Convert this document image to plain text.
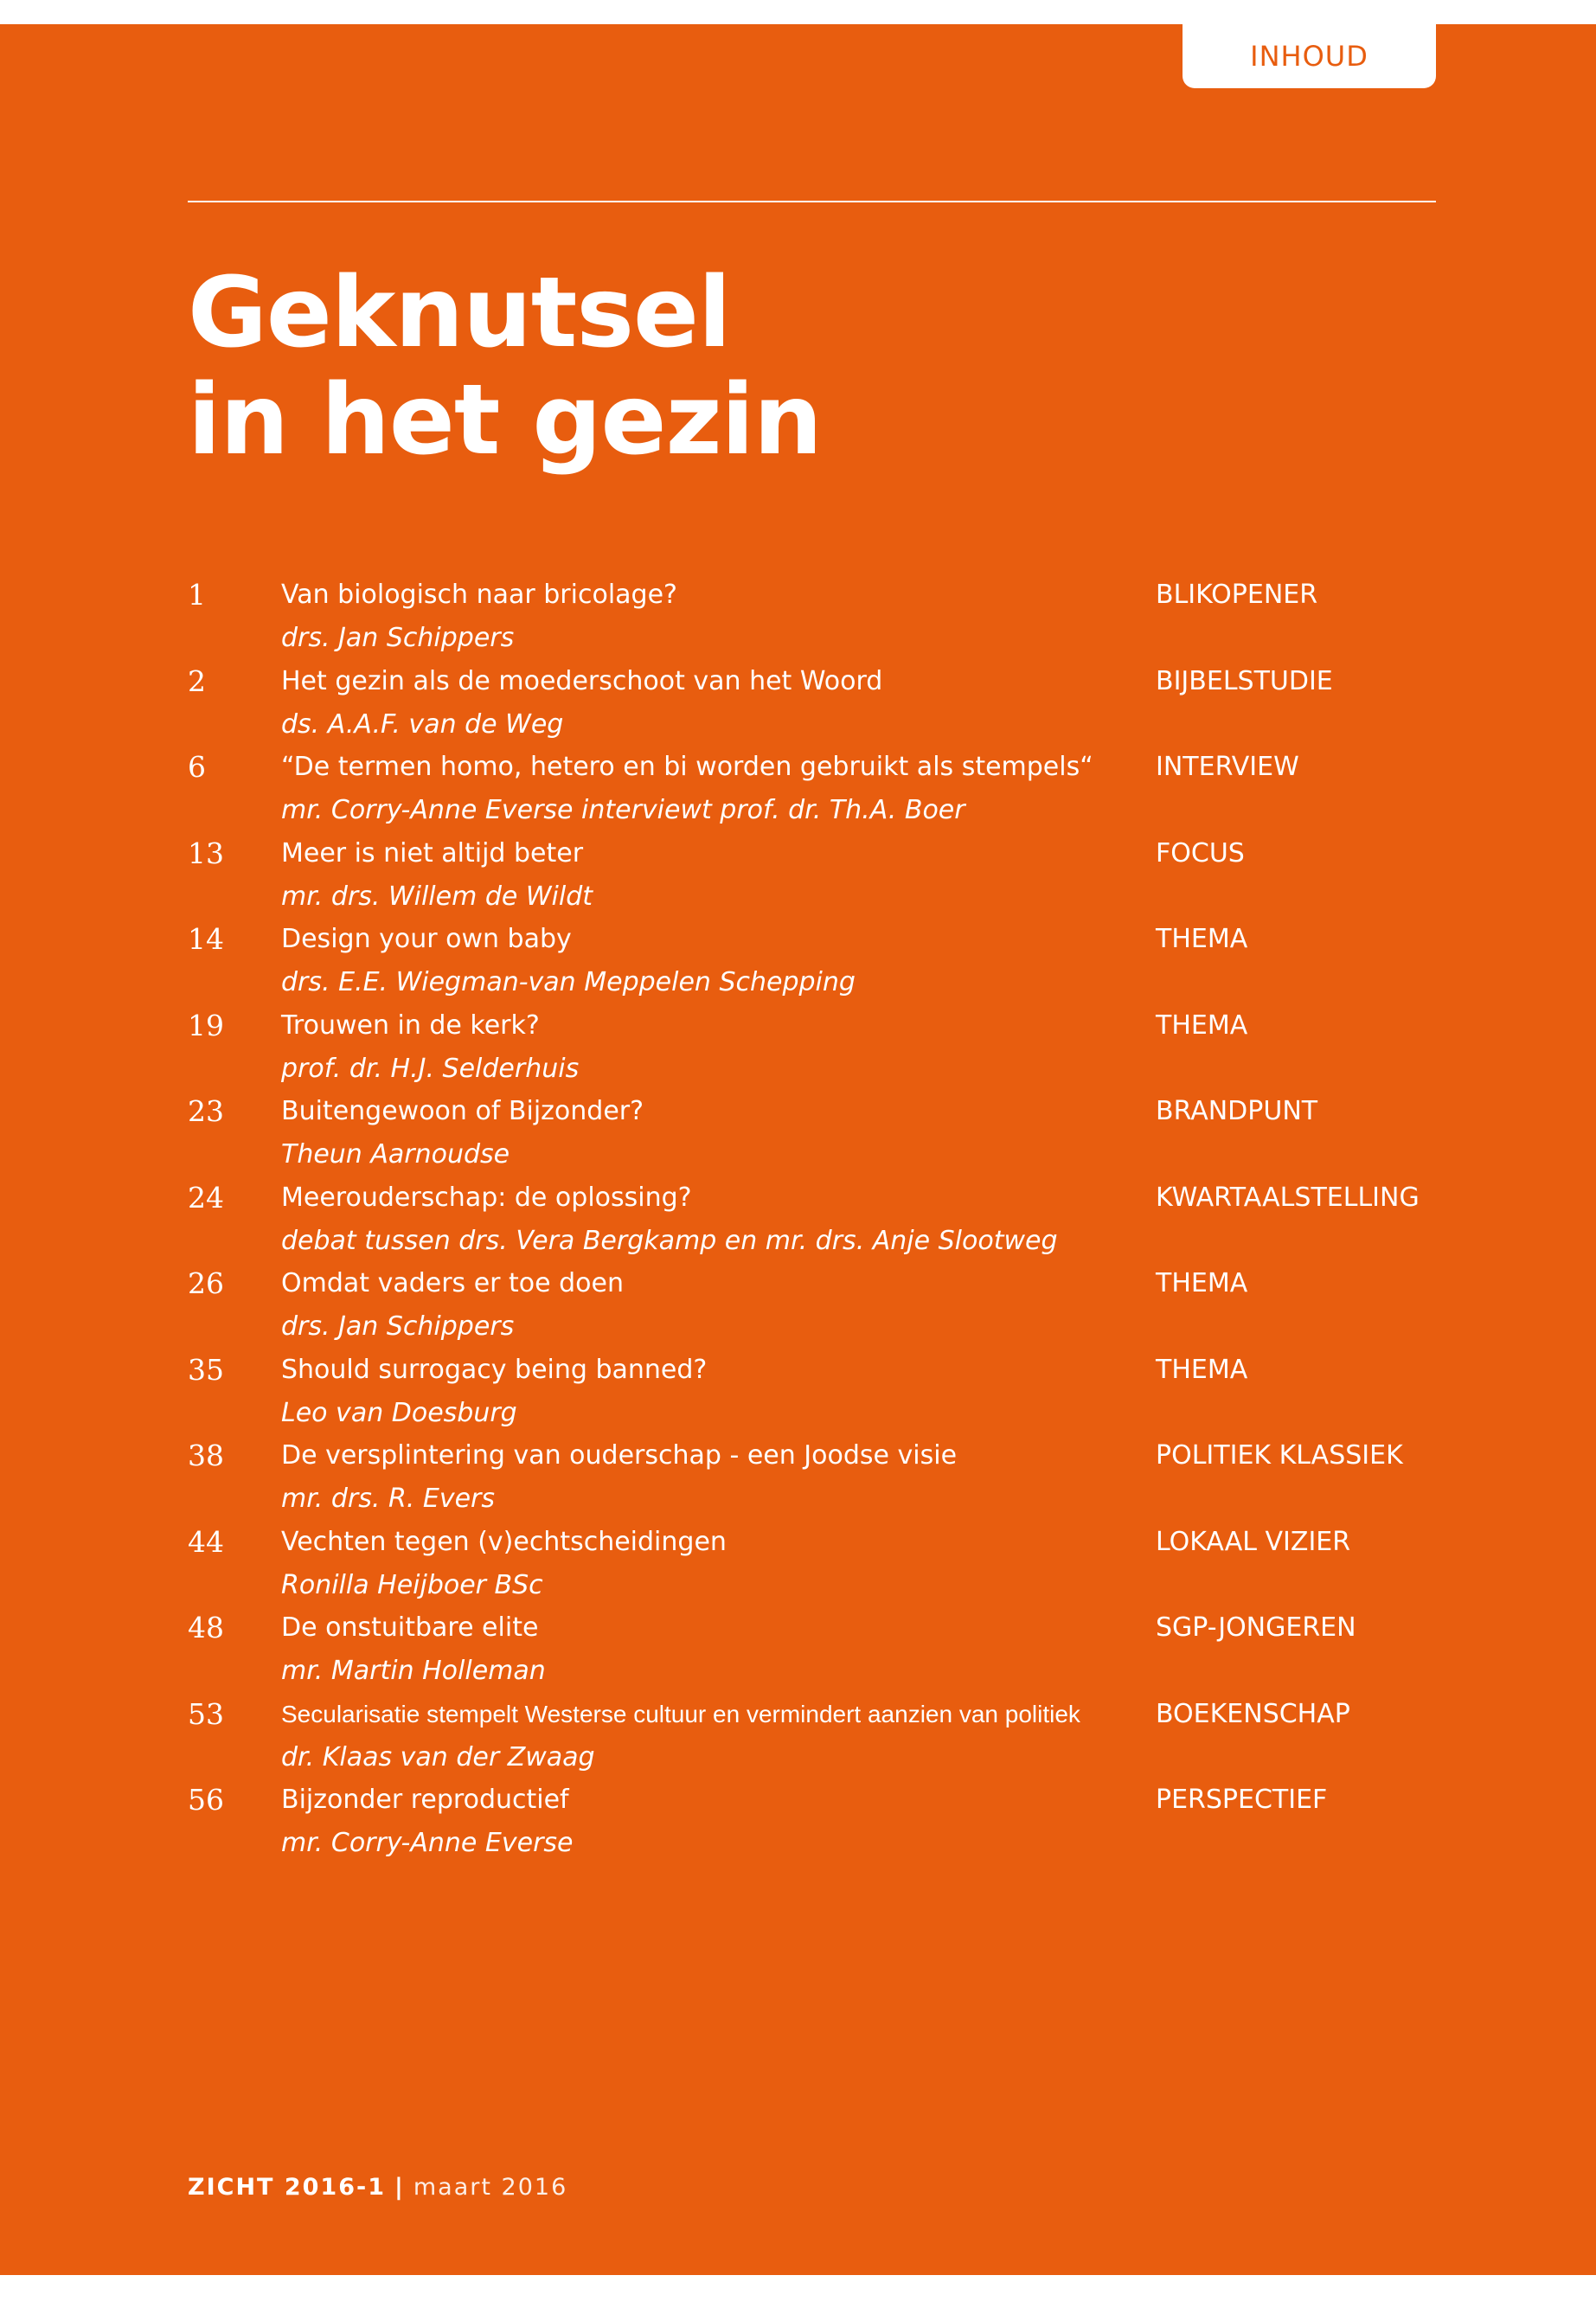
INHOUD
Geknutsel
in het gezin
1	Van biologisch naar bricolage?
drs. Jan Schippers
BLIKOPENER
2	Het gezin als de moederschoot van het Woord
ds. A.A.F. van de Weg
BIJBELSTUDIE
6	“De termen homo, hetero en bi worden gebruikt als stempels“
mr. Corry-Anne Everse interviewt prof. dr. Th.A. Boer
INTERVIEW
13 Meer is niet altijd beter
mr. drs. Willem de Wildt
FOCUS
14 Design your own baby
drs. E.E. Wiegman-van Meppelen Schepping
THEMA
19 Trouwen in de kerk?
prof. dr. H.J. Selderhuis
THEMA
23 Buitengewoon of Bijzonder?
Theun Aarnoudse
BRANDPUNT
24 Meerouderschap: de oplossing?
debat tussen drs. Vera Bergkamp en mr. drs. Anje Slootweg
KWARTAALSTELLING
26 Omdat vaders er toe doen
drs. Jan Schippers
THEMA
35 Should surrogacy being banned?
Leo van Doesburg
THEMA
38 De versplintering van ouderschap - een Joodse visie
mr. drs. R. Evers
POLITIEK KLASSIEK
44 Vechten tegen (v)echtscheidingen
Ronilla Heijboer BSc
LOKAAL VIZIER
48 De onstuitbare elite
mr. Martin Holleman
SGP-JONGEREN
53 Secularisatie stempelt Westerse cultuur en vermindert aanzien van politiek
dr. Klaas van der Zwaag
BOEKENSCHAP
56 Bijzonder reproductief
mr. Corry-Anne Everse
PERSPECTIEF
ZICHT 2016-1 | maart 2016
